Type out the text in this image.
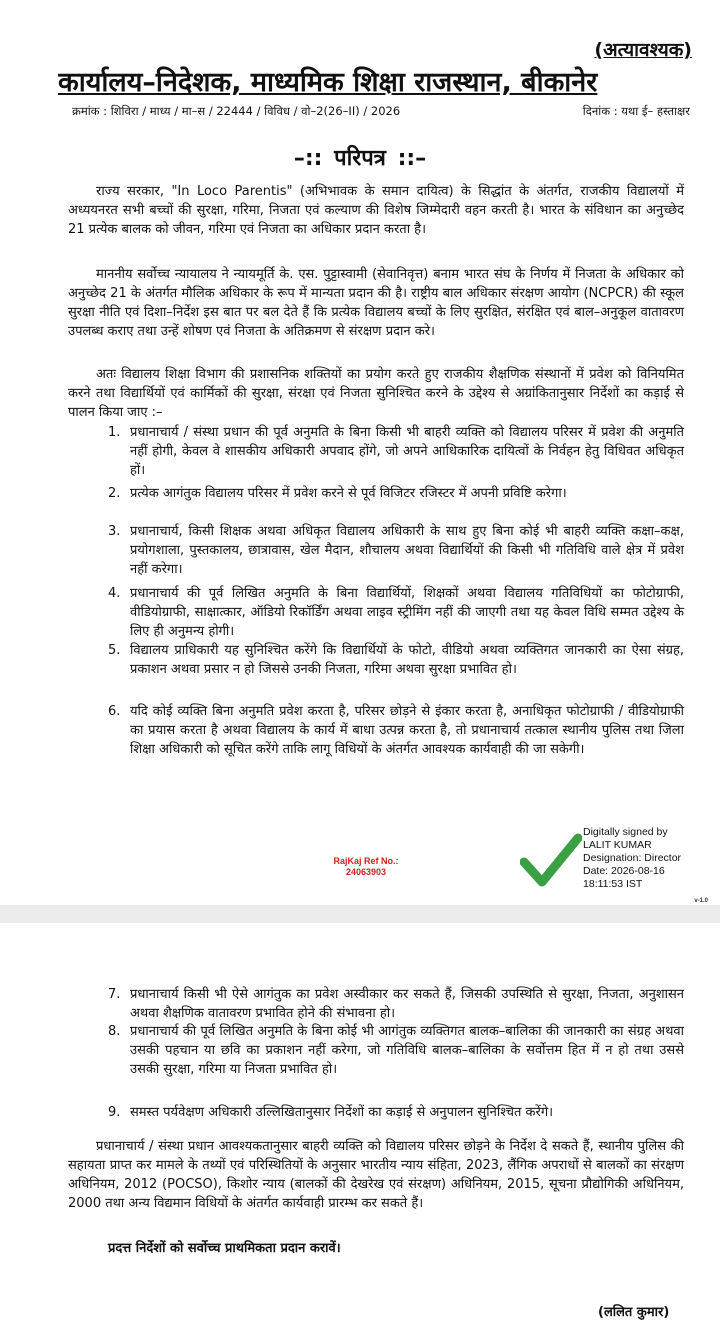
(अत्यावश्यक)
कार्यालय–निदेशक, माध्यमिक शिक्षा राजस्थान, बीकानेर
क्रमांक : शिविरा / माध्य / मा–स / 22444 / विविध / वो–2(26–II) / 2026	दिनांक : यथा ई– हस्ताक्षर
–:: परिपत्र ::–

राज्य सरकार, "In Loco Parentis" (अभिभावक के समान दायित्व) के सिद्धांत के अंतर्गत, राजकीय विद्यालयों में अध्ययनरत सभी बच्चों की सुरक्षा, गरिमा, निजता एवं कल्याण की विशेष जिम्मेदारी वहन करती है। भारत के संविधान का अनुच्छेद 21 प्रत्येक बालक को जीवन, गरिमा एवं निजता का अधिकार प्रदान करता है।

माननीय सर्वोच्च न्यायालय ने न्यायमूर्ति के. एस. पुट्टास्वामी (सेवानिवृत्त) बनाम भारत संघ के निर्णय में निजता के अधिकार को अनुच्छेद 21 के अंतर्गत मौलिक अधिकार के रूप में मान्यता प्रदान की है। राष्ट्रीय बाल अधिकार संरक्षण आयोग (NCPCR) की स्कूल सुरक्षा नीति एवं दिशा–निर्देश इस बात पर बल देते हैं कि प्रत्येक विद्यालय बच्चों के लिए सुरक्षित, संरक्षित एवं बाल–अनुकूल वातावरण उपलब्ध कराए तथा उन्हें शोषण एवं निजता के अतिक्रमण से संरक्षण प्रदान करे।

अतः विद्यालय शिक्षा विभाग की प्रशासनिक शक्तियों का प्रयोग करते हुए राजकीय शैक्षणिक संस्थानों में प्रवेश को विनियमित करने तथा विद्यार्थियों एवं कार्मिकों की सुरक्षा, संरक्षा एवं निजता सुनिश्चित करने के उद्देश्य से अग्रांकितानुसार निर्देशों का कड़ाई से पालन किया जाए :–

1. प्रधानाचार्य / संस्था प्रधान की पूर्व अनुमति के बिना किसी भी बाहरी व्यक्ति को विद्यालय परिसर में प्रवेश की अनुमति नहीं होगी, केवल वे शासकीय अधिकारी अपवाद होंगे, जो अपने आधिकारिक दायित्वों के निर्वहन हेतु विधिवत अधिकृत हों।
2. प्रत्येक आगंतुक विद्यालय परिसर में प्रवेश करने से पूर्व विजिटर रजिस्टर में अपनी प्रविष्टि करेगा।
3. प्रधानाचार्य, किसी शिक्षक अथवा अधिकृत विद्यालय अधिकारी के साथ हुए बिना कोई भी बाहरी व्यक्ति कक्षा–कक्ष, प्रयोगशाला, पुस्तकालय, छात्रावास, खेल मैदान, शौचालय अथवा विद्यार्थियों की किसी भी गतिविधि वाले क्षेत्र में प्रवेश नहीं करेगा।
4. प्रधानाचार्य की पूर्व लिखित अनुमति के बिना विद्यार्थियों, शिक्षकों अथवा विद्यालय गतिविधियों का फोटोग्राफी, वीडियोग्राफी, साक्षात्कार, ऑडियो रिकॉर्डिंग अथवा लाइव स्ट्रीमिंग नहीं की जाएगी तथा यह केवल विधि सम्मत उद्देश्य के लिए ही अनुमन्य होगी।
5. विद्यालय प्राधिकारी यह सुनिश्चित करेंगे कि विद्यार्थियों के फोटो, वीडियो अथवा व्यक्तिगत जानकारी का ऐसा संग्रह, प्रकाशन अथवा प्रसार न हो जिससे उनकी निजता, गरिमा अथवा सुरक्षा प्रभावित हो।
6. यदि कोई व्यक्ति बिना अनुमति प्रवेश करता है, परिसर छोड़ने से इंकार करता है, अनाधिकृत फोटोग्राफी / वीडियोग्राफी का प्रयास करता है अथवा विद्यालय के कार्य में बाधा उत्पन्न करता है, तो प्रधानाचार्य तत्काल स्थानीय पुलिस तथा जिला शिक्षा अधिकारी को सूचित करेंगे ताकि लागू विधियों के अंतर्गत आवश्यक कार्यवाही की जा सकेगी।
RajKaj Ref No.:
24063903
Digitally signed by
LALIT KUMAR
Designation: Director
Date: 2026-08-16
18:11:53 IST
v-1.0
7. प्रधानाचार्य किसी भी ऐसे आगंतुक का प्रवेश अस्वीकार कर सकते हैं, जिसकी उपस्थिति से सुरक्षा, निजता, अनुशासन अथवा शैक्षणिक वातावरण प्रभावित होने की संभावना हो।
8. प्रधानाचार्य की पूर्व लिखित अनुमति के बिना कोई भी आगंतुक व्यक्तिगत बालक–बालिका की जानकारी का संग्रह अथवा उसकी पहचान या छवि का प्रकाशन नहीं करेगा, जो गतिविधि बालक–बालिका के सर्वोत्तम हित में न हो तथा उससे उसकी सुरक्षा, गरिमा या निजता प्रभावित हो।
9. समस्त पर्यवेक्षण अधिकारी उल्लिखितानुसार निर्देशों का कड़ाई से अनुपालन सुनिश्चित करेंगे।

प्रधानाचार्य / संस्था प्रधान आवश्यकतानुसार बाहरी व्यक्ति को विद्यालय परिसर छोड़ने के निर्देश दे सकते हैं, स्थानीय पुलिस की सहायता प्राप्त कर मामले के तथ्यों एवं परिस्थितियों के अनुसार भारतीय न्याय संहिता, 2023, लैंगिक अपराधों से बालकों का संरक्षण अधिनियम, 2012 (POCSO), किशोर न्याय (बालकों की देखरेख एवं संरक्षण) अधिनियम, 2015, सूचना प्रौद्योगिकी अधिनियम, 2000 तथा अन्य विद्यमान विधियों के अंतर्गत कार्यवाही प्रारम्भ कर सकते हैं।

प्रदत्त निर्देशों को सर्वोच्च प्राथमिकता प्रदान करावें।
(ललित कुमार)
